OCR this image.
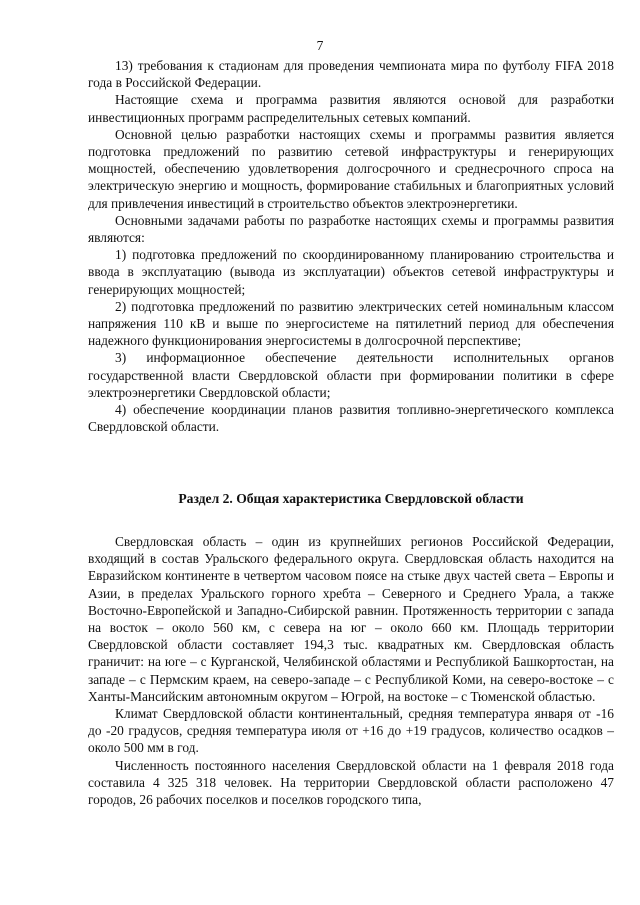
7

13) требования к стадионам для проведения чемпионата мира по футболу FIFA 2018 года в Российской Федерации.

Настоящие схема и программа развития являются основой для разработки инвестиционных программ распределительных сетевых компаний.

Основной целью разработки настоящих схемы и программы развития является подготовка предложений по развитию сетевой инфраструктуры и генерирующих мощностей, обеспечению удовлетворения долгосрочного и среднесрочного спроса на электрическую энергию и мощность, формирование стабильных и благоприятных условий для привлечения инвестиций в строительство объектов электроэнергетики.

Основными задачами работы по разработке настоящих схемы и программы развития являются:

1) подготовка предложений по скоординированному планированию строительства и ввода в эксплуатацию (вывода из эксплуатации) объектов сетевой инфраструктуры и генерирующих мощностей;

2) подготовка предложений по развитию электрических сетей номинальным классом напряжения 110 кВ и выше по энергосистеме на пятилетний период для обеспечения надежного функционирования энергосистемы в долгосрочной перспективе;

3) информационное обеспечение деятельности исполнительных органов государственной власти Свердловской области при формировании политики в сфере электроэнергетики Свердловской области;

4) обеспечение координации планов развития топливно-энергетического комплекса Свердловской области.

Раздел 2. Общая характеристика Свердловской области

Свердловская область – один из крупнейших регионов Российской Федерации, входящий в состав Уральского федерального округа. Свердловская область находится на Евразийском континенте в четвертом часовом поясе на стыке двух частей света – Европы и Азии, в пределах Уральского горного хребта – Северного и Среднего Урала, а также Восточно-Европейской и Западно-Сибирской равнин. Протяженность территории с запада на восток – около 560 км, с севера на юг – около 660 км. Площадь территории Свердловской области составляет 194,3 тыс. квадратных км. Свердловская область граничит: на юге – с Курганской, Челябинской областями и Республикой Башкортостан, на западе – с Пермским краем, на северо-западе – с Республикой Коми, на северо-востоке – с Ханты-Мансийским автономным округом – Югрой, на востоке – с Тюменской областью.

Климат Свердловской области континентальный, средняя температура января от -16 до -20 градусов, средняя температура июля от +16 до +19 градусов, количество осадков – около 500 мм в год.

Численность постоянного населения Свердловской области на 1 февраля 2018 года составила 4 325 318 человек. На территории Свердловской области расположено 47 городов, 26 рабочих поселков и поселков городского типа,
